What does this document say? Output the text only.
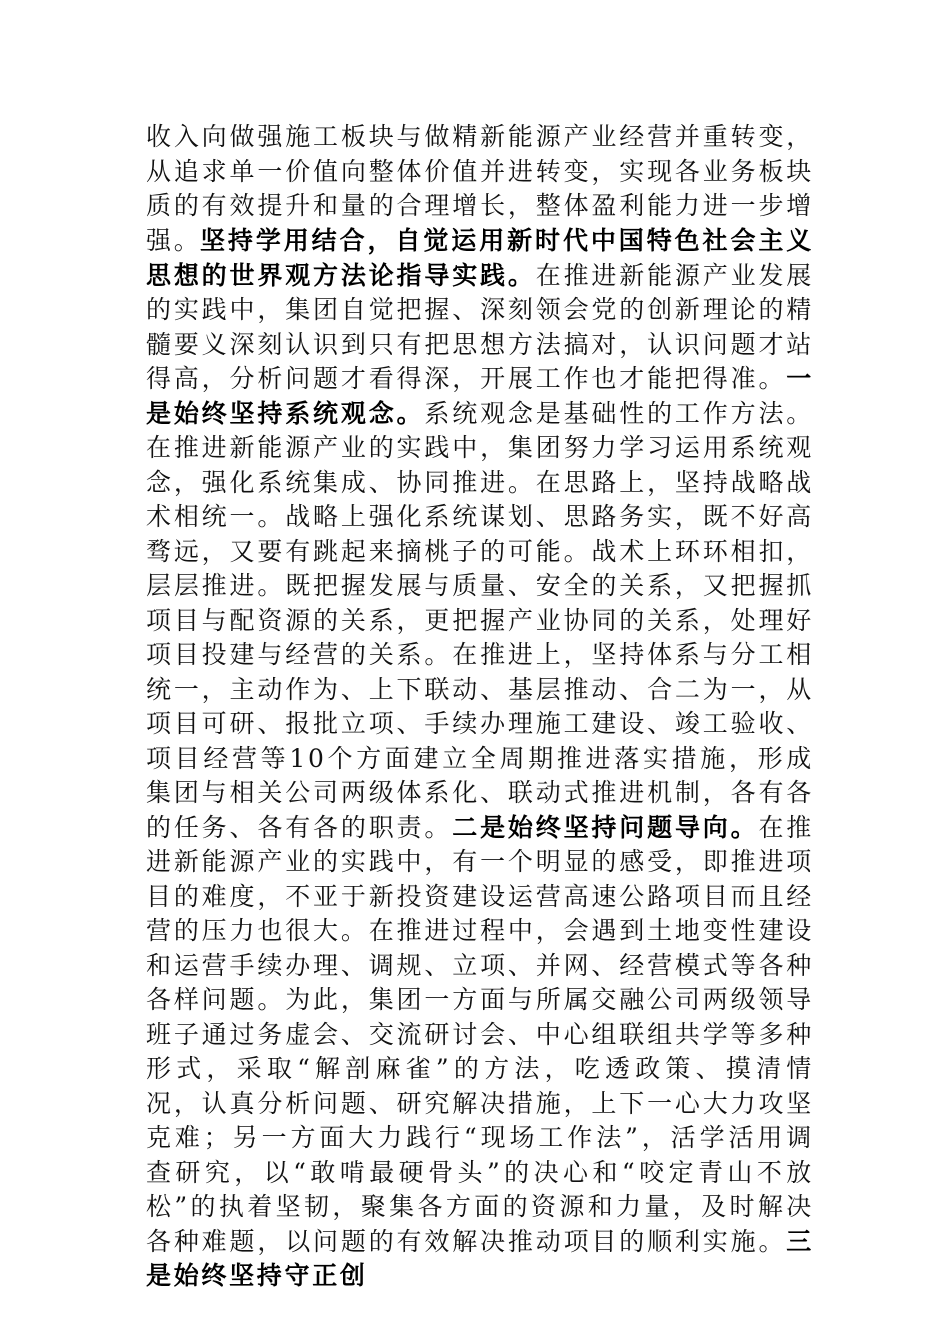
收入向做强施工板块与做精新能源产业经营并重转变，从追求单一价值向整体价值并进转变，实现各业务板块质的有效提升和量的合理增长，整体盈利能力进一步增强。

坚持学用结合，自觉运用新时代中国特色社会主义思想的世界观方法论指导实践。在推进新能源产业发展的实践中，集团自觉把握、深刻领会党的创新理论的精髓要义深刻认识到只有把思想方法搞对，认识问题才站得高，分析问题才看得深，开展工作也才能把得准。一是始终坚持系统观念。系统观念是基础性的工作方法。在推进新能源产业的实践中，集团努力学习运用系统观念，强化系统集成、协同推进。在思路上，坚持战略战术相统一。战略上强化系统谋划、思路务实，既不好高骛远，又要有跳起来摘桃子的可能。战术上环环相扣，层层推进。既把握发展与质量、安全的关系，又把握抓项目与配资源的关系，更把握产业协同的关系，处理好项目投建与经营的关系。在推进上，坚持体系与分工相统一，主动作为、上下联动、基层推动、合二为一，从项目可研、报批立项、手续办理施工建设、竣工验收、项目经营等10个方面建立全周期推进落实措施，形成集团与相关公司两级体系化、联动式推进机制，各有各的任务、各有各的职责。二是始终坚持问题导向。在推进新能源产业的实践中，有一个明显的感受，即推进项目的难度，不亚于新投资建设运营高速公路项目而且经营的压力也很大。在推进过程中，会遇到土地变性建设和运营手续办理、调规、立项、并网、经营模式等各种各样问题。为此，集团一方面与所属交融公司两级领导班子通过务虚会、交流研讨会、中心组联组共学等多种形式，采取“解剖麻雀”的方法，吃透政策、摸清情况，认真分析问题、研究解决措施，上下一心大力攻坚克难；另一方面大力践行“现场工作法”，活学活用调查研究，以“敢啃最硬骨头”的决心和“咬定青山不放松”的执着坚韧，聚集各方面的资源和力量，及时解决各种难题，以问题的有效解决推动项目的顺利实施。三是始终坚持守正创
